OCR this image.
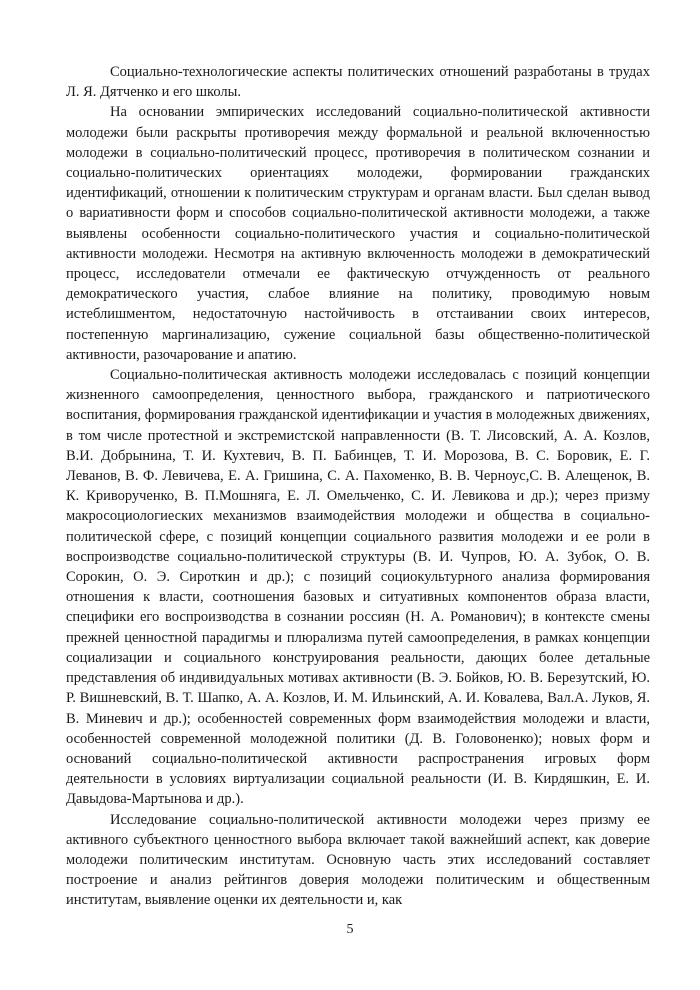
Социально-технологические аспекты политических отношений разработаны в трудах Л. Я. Дятченко и его школы.

На основании эмпирических исследований социально-политической активности молодежи были раскрыты противоречия между формальной и реальной включенностью молодежи в социально-политический процесс, противоречия в политическом сознании и социально-политических ориентациях молодежи, формировании гражданских идентификаций, отношении к политическим структурам и органам власти. Был сделан вывод о вариативности форм и способов социально-политической активности молодежи, а также выявлены особенности социально-политического участия и социально-политической активности молодежи. Несмотря на активную включенность молодежи в демократический процесс, исследователи отмечали ее фактическую отчужденность от реального демократического участия, слабое влияние на политику, проводимую новым истеблишментом, недостаточную настойчивость в отстаивании своих интересов, постепенную маргинализацию, сужение социальной базы общественно-политической активности, разочарование и апатию.

Социально-политическая активность молодежи исследовалась с позиций концепции жизненного самоопределения, ценностного выбора, гражданского и патриотического воспитания, формирования гражданской идентификации и участия в молодежных движениях, в том числе протестной и экстремистской направленности (В. Т. Лисовский, А. А. Козлов, В.И. Добрынина, Т. И. Кухтевич, В. П. Бабинцев, Т. И. Морозова, В. С. Боровик, Е. Г. Леванов, В. Ф. Левичева, Е. А. Гришина, С. А. Пахоменко, В. В. Черноус,С. В. Алещенок, В. К. Криворученко, В. П.Мошняга, Е. Л. Омельченко, С. И. Левикова и др.); через призму макросоциологиеских механизмов взаимодействия молодежи и общества в социально-политической сфере, с позиций концепции социального развития молодежи и ее роли в воспроизводстве социально-политической структуры (В. И. Чупров, Ю. А. Зубок, О. В. Сорокин, О. Э. Сироткин и др.); с позиций социокультурного анализа формирования отношения к власти, соотношения базовых и ситуативных компонентов образа власти, специфики его воспроизводства в сознании россиян (Н. А. Романович); в контексте смены прежней ценностной парадигмы и плюрализма путей самоопределения, в рамках концепции социализации и социального конструирования реальности, дающих более детальные представления об индивидуальных мотивах активности (В. Э. Бойков, Ю. В. Березутский, Ю. Р. Вишневский, В. Т. Шапко, А. А. Козлов, И. М. Ильинский, А. И. Ковалева, Вал.А. Луков, Я. В. Миневич и др.); особенностей современных форм взаимодействия молодежи и власти, особенностей современной молодежной политики (Д. В. Головоненко); новых форм и оснований социально-политической активности распространения игровых форм деятельности в условиях виртуализации социальной реальности (И. В. Кирдяшкин, Е. И. Давыдова-Мартынова и др.).

Исследование социально-политической активности молодежи через призму ее активного субъектного ценностного выбора включает такой важнейший аспект, как доверие молодежи политическим институтам. Основную часть этих исследований составляет построение и анализ рейтингов доверия молодежи политическим и общественным институтам, выявление оценки их деятельности и, как

5
